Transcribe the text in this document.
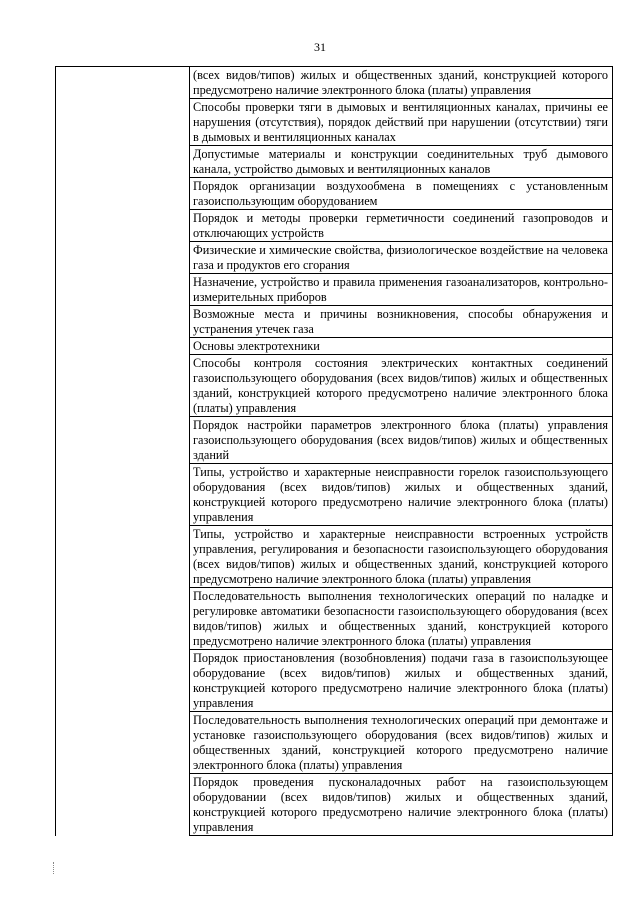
31
	(всех видов/типов) жилых и общественных зданий, конструкцией которого предусмотрено наличие электронного блока (платы) управления
Способы проверки тяги в дымовых и вентиляционных каналах, причины ее нарушения (отсутствия), порядок действий при нарушении (отсутствии) тяги в дымовых и вентиляционных каналах
Допустимые материалы и конструкции соединительных труб дымового канала, устройство дымовых и вентиляционных каналов
Порядок организации воздухообмена в помещениях с установленным газоиспользующим оборудованием
Порядок и методы проверки герметичности соединений газопроводов и отключающих устройств
Физические и химические свойства, физиологическое воздействие на человека газа и продуктов его сгорания
Назначение, устройство и правила применения газоанализаторов, контрольно-измерительных приборов
Возможные места и причины возникновения, способы обнаружения и устранения утечек газа
Основы электротехники
Способы контроля состояния электрических контактных соединений газоиспользующего оборудования (всех видов/типов) жилых и общественных зданий, конструкцией которого предусмотрено наличие электронного блока (платы) управления
Порядок настройки параметров электронного блока (платы) управления газоиспользующего оборудования (всех видов/типов) жилых и общественных зданий
Типы, устройство и характерные неисправности горелок газоиспользующего оборудования (всех видов/типов) жилых и общественных зданий, конструкцией которого предусмотрено наличие электронного блока (платы) управления
Типы, устройство и характерные неисправности встроенных устройств управления, регулирования и безопасности газоиспользующего оборудования (всех видов/типов) жилых и общественных зданий, конструкцией которого предусмотрено наличие электронного блока (платы) управления
Последовательность выполнения технологических операций по наладке и регулировке автоматики безопасности газоиспользующего оборудования (всех видов/типов) жилых и общественных зданий, конструкцией которого предусмотрено наличие электронного блока (платы) управления
Порядок приостановления (возобновления) подачи газа в газоиспользующее оборудование (всех видов/типов) жилых и общественных зданий, конструкцией которого предусмотрено наличие электронного блока (платы) управления
Последовательность выполнения технологических операций при демонтаже и установке газоиспользующего оборудования (всех видов/типов) жилых и общественных зданий, конструкцией которого предусмотрено наличие электронного блока (платы) управления
Порядок проведения пусконаладочных работ на газоиспользующем оборудовании (всех видов/типов) жилых и общественных зданий, конструкцией которого предусмотрено наличие электронного блока (платы) управления
